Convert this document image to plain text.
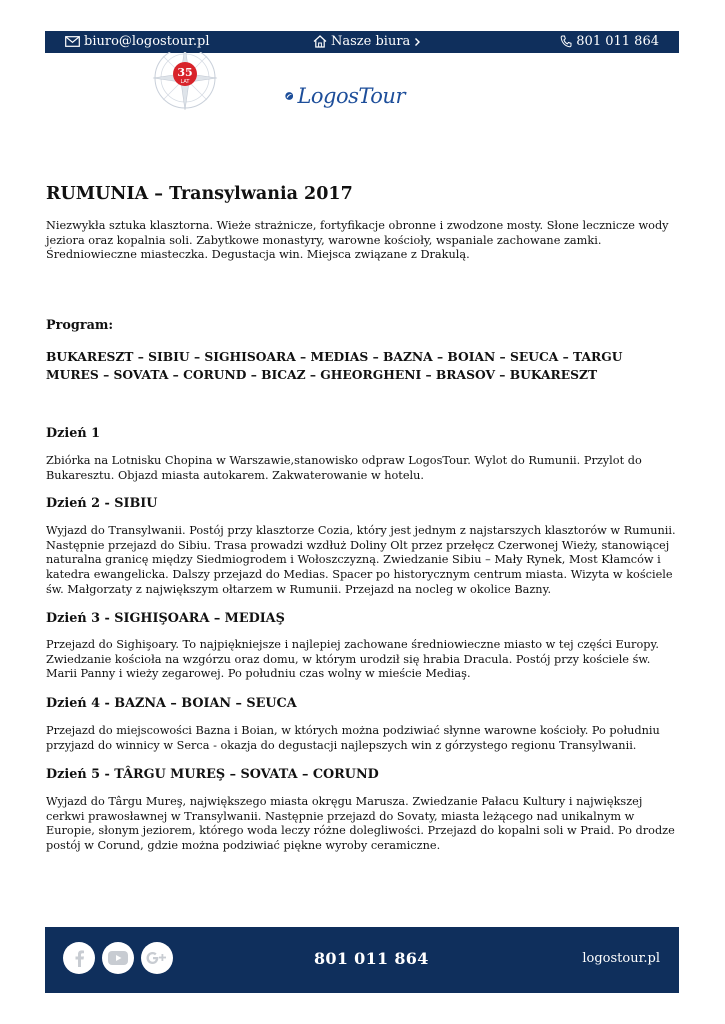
biuro@logostour.pl	Nasze biura	801 011 864
35
LAT
LogosTour
RUMUNIA – Transylwania 2017

Niezwykła sztuka klasztorna. Wieże strażnicze, fortyfikacje obronne i zwodzone mosty. Słone lecznicze wody jeziora oraz kopalnia soli. Zabytkowe monastyry, warowne kościoły, wspaniale zachowane zamki. Średniowieczne miasteczka. Degustacja win. Miejsca związane z Drakulą.

Program:

BUKARESZT – SIBIU – SIGHISOARA – MEDIAS – BAZNA – BOIAN – SEUCA – TARGU MURES – SOVATA – CORUND – BICAZ – GHEORGHENI – BRASOV – BUKARESZT

Dzień 1

Zbiórka na Lotnisku Chopina w Warszawie,stanowisko odpraw LogosTour. Wylot do Rumunii. Przylot do Bukaresztu. Objazd miasta autokarem. Zakwaterowanie w hotelu.

Dzień 2 - SIBIU

Wyjazd do Transylwanii. Postój przy klasztorze Cozia, który jest jednym z najstarszych klasztorów w Rumunii. Następnie przejazd do Sibiu. Trasa prowadzi wzdłuż Doliny Olt przez przełęcz Czerwonej Wieży, stanowiącej naturalna granicę między Siedmiogrodem i Wołoszczyzną. Zwiedzanie Sibiu – Mały Rynek, Most Kłamców i katedra ewangelicka. Dalszy przejazd do Medias. Spacer po historycznym centrum miasta. Wizyta w kościele św. Małgorzaty z największym ołtarzem w Rumunii. Przejazd na nocleg w okolice Bazny.

Dzień 3 - SIGHIŞOARA – MEDIAŞ

Przejazd do Sighişoary. To najpiękniejsze i najlepiej zachowane średniowieczne miasto w tej części Europy. Zwiedzanie kościoła na wzgórzu oraz domu, w którym urodził się hrabia Dracula. Postój przy kościele św. Marii Panny i wieży zegarowej. Po południu czas wolny w mieście Mediaş.

Dzień 4 - BAZNA – BOIAN – SEUCA

Przejazd do miejscowości Bazna i Boian, w których można podziwiać słynne warowne kościoły. Po południu przyjazd do winnicy w Serca - okazja do degustacji najlepszych win z górzystego regionu Transylwanii.

Dzień 5 - TÂRGU MUREŞ – SOVATA – CORUND

Wyjazd do Târgu Mureş, największego miasta okręgu Marusza. Zwiedzanie Pałacu Kultury i największej cerkwi prawosławnej w Transylwanii. Następnie przejazd do Sovaty, miasta leżącego nad unikalnym w Europie, słonym jeziorem, którego woda leczy różne dolegliwości. Przejazd do kopalni soli w Praid. Po drodze postój w Corund, gdzie można podziwiać piękne wyroby ceramiczne.

801 011 864	logostour.pl
